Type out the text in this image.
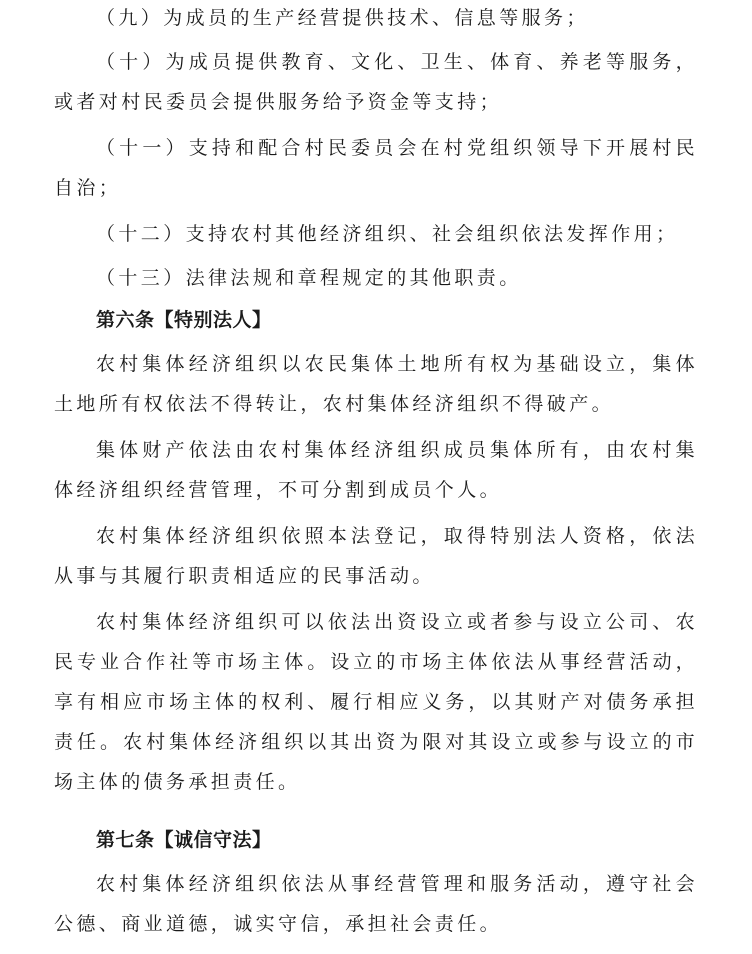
（九）为成员的生产经营提供技术、信息等服务；

（十）为成员提供教育、文化、卫生、体育、养老等服务，或者对村民委员会提供服务给予资金等支持；

（十一）支持和配合村民委员会在村党组织领导下开展村民自治；

（十二）支持农村其他经济组织、社会组织依法发挥作用；

（十三）法律法规和章程规定的其他职责。

第六条【特别法人】

农村集体经济组织以农民集体土地所有权为基础设立，集体土地所有权依法不得转让，农村集体经济组织不得破产。

集体财产依法由农村集体经济组织成员集体所有，由农村集体经济组织经营管理，不可分割到成员个人。

农村集体经济组织依照本法登记，取得特别法人资格，依法从事与其履行职责相适应的民事活动。

农村集体经济组织可以依法出资设立或者参与设立公司、农民专业合作社等市场主体。设立的市场主体依法从事经营活动，享有相应市场主体的权利、履行相应义务，以其财产对债务承担责任。农村集体经济组织以其出资为限对其设立或参与设立的市场主体的债务承担责任。

第七条【诚信守法】

农村集体经济组织依法从事经营管理和服务活动，遵守社会公德、商业道德，诚实守信，承担社会责任。
